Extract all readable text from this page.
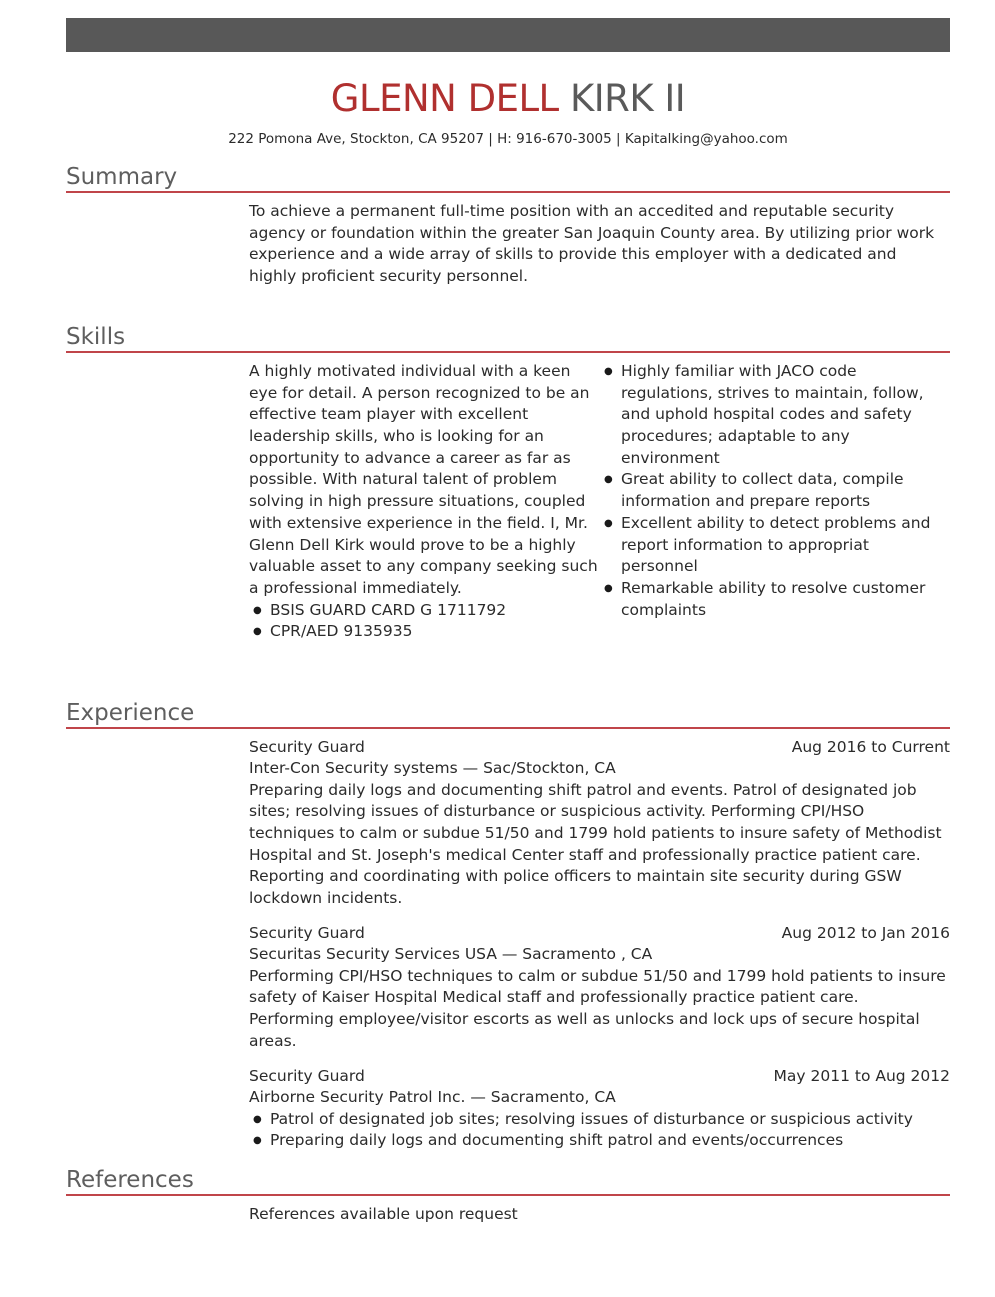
GLENN DELL KIRK II
222 Pomona Ave, Stockton, CA 95207 | H: 916-670-3005 | Kapitalking@yahoo.com
Summary
To achieve a permanent full-time position with an accedited and reputable security
agency or foundation within the greater San Joaquin County area. By utilizing prior work
experience and a wide array of skills to provide this employer with a dedicated and
highly proficient security personnel.
Skills
A highly motivated individual with a keen
eye for detail. A person recognized to be an
effective team player with excellent
leadership skills, who is looking for an
opportunity to advance a career as far as
possible. With natural talent of problem
solving in high pressure situations, coupled
with extensive experience in the field. I, Mr.
Glenn Dell Kirk would prove to be a highly
valuable asset to any company seeking such
a professional immediately.
● BSIS GUARD CARD G 1711792
● CPR/AED 9135935
● Highly familiar with JACO code
regulations, strives to maintain, follow,
and uphold hospital codes and safety
procedures; adaptable to any
environment
● Great ability to collect data, compile
information and prepare reports
● Excellent ability to detect problems and
report information to appropriat
personnel
● Remarkable ability to resolve customer
complaints
Experience
Security Guard	Aug 2016 to Current
Inter-Con Security systems — Sac/Stockton, CA
Preparing daily logs and documenting shift patrol and events. Patrol of designated job
sites; resolving issues of disturbance or suspicious activity. Performing CPI/HSO
techniques to calm or subdue 51/50 and 1799 hold patients to insure safety of Methodist
Hospital and St. Joseph's medical Center staff and professionally practice patient care.
Reporting and coordinating with police officers to maintain site security during GSW
lockdown incidents.
Security Guard	Aug 2012 to Jan 2016
Securitas Security Services USA — Sacramento , CA
Performing CPI/HSO techniques to calm or subdue 51/50 and 1799 hold patients to insure
safety of Kaiser Hospital Medical staff and professionally practice patient care.
Performing employee/visitor escorts as well as unlocks and lock ups of secure hospital
areas.
Security Guard	May 2011 to Aug 2012
Airborne Security Patrol Inc. — Sacramento, CA
● Patrol of designated job sites; resolving issues of disturbance or suspicious activity
● Preparing daily logs and documenting shift patrol and events/occurrences
References
References available upon request
